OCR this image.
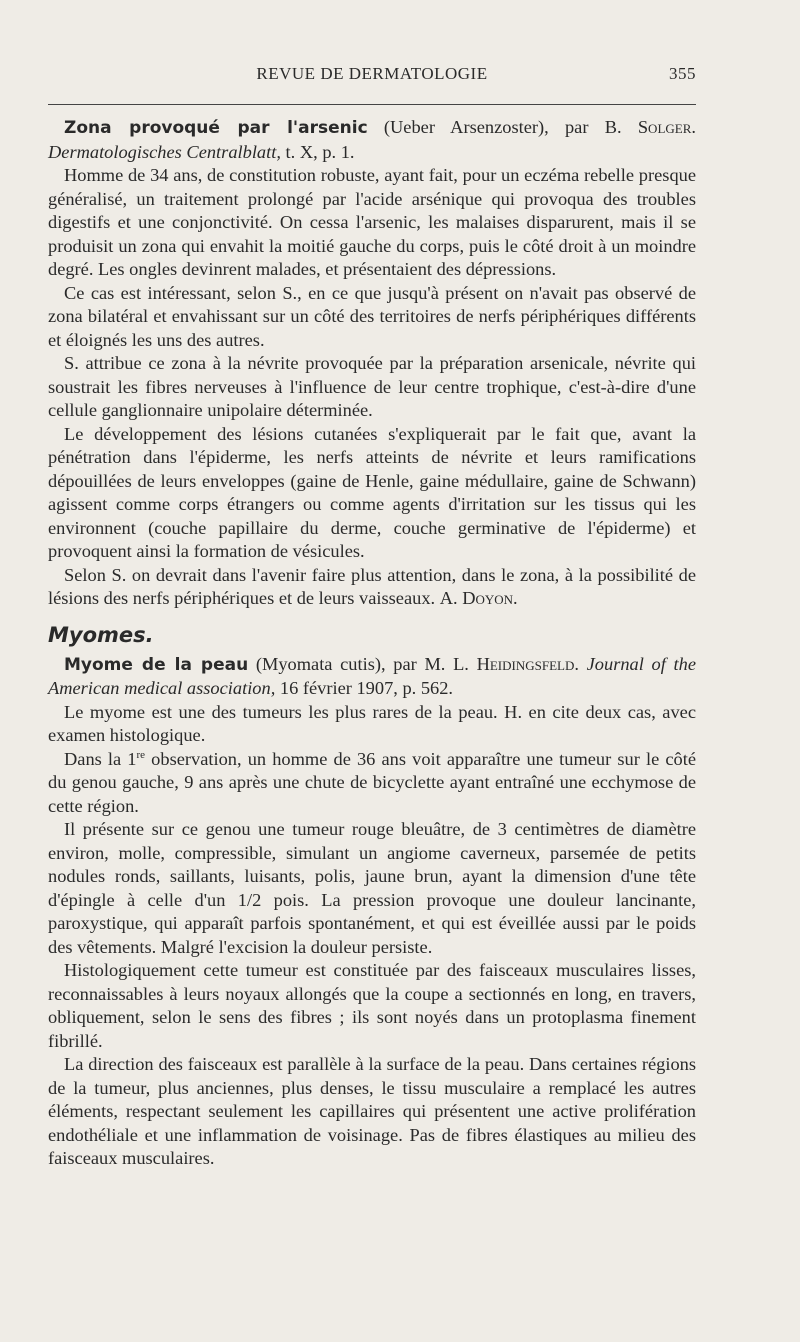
REVUE DE DERMATOLOGIE	355

Zona provoqué par l'arsenic (Ueber Arsenzoster), par B. Solger. Dermatologisches Centralblatt, t. X, p. 1.

Homme de 34 ans, de constitution robuste, ayant fait, pour un eczéma rebelle presque généralisé, un traitement prolongé par l'acide arsénique qui provoqua des troubles digestifs et une conjonctivité. On cessa l'arsenic, les malaises disparurent, mais il se produisit un zona qui envahit la moitié gauche du corps, puis le côté droit à un moindre degré. Les ongles devinrent malades, et présentaient des dépressions.

Ce cas est intéressant, selon S., en ce que jusqu'à présent on n'avait pas observé de zona bilatéral et envahissant sur un côté des territoires de nerfs périphériques différents et éloignés les uns des autres.

S. attribue ce zona à la névrite provoquée par la préparation arsenicale, névrite qui soustrait les fibres nerveuses à l'influence de leur centre trophique, c'est-à-dire d'une cellule ganglionnaire unipolaire déterminée.

Le développement des lésions cutanées s'expliquerait par le fait que, avant la pénétration dans l'épiderme, les nerfs atteints de névrite et leurs ramifications dépouillées de leurs enveloppes (gaine de Henle, gaine médullaire, gaine de Schwann) agissent comme corps étrangers ou comme agents d'irritation sur les tissus qui les environnent (couche papillaire du derme, couche germinative de l'épiderme) et provoquent ainsi la formation de vésicules.

Selon S. on devrait dans l'avenir faire plus attention, dans le zona, à la possibilité de lésions des nerfs périphériques et de leurs vaisseaux. A. Doyon.

Myomes.

Myome de la peau (Myomata cutis), par M. L. Heidingsfeld. Journal of the American medical association, 16 février 1907, p. 562.

Le myome est une des tumeurs les plus rares de la peau. H. en cite deux cas, avec examen histologique.

Dans la 1re observation, un homme de 36 ans voit apparaître une tumeur sur le côté du genou gauche, 9 ans après une chute de bicyclette ayant entraîné une ecchymose de cette région.

Il présente sur ce genou une tumeur rouge bleuâtre, de 3 centimètres de diamètre environ, molle, compressible, simulant un angiome caverneux, parsemée de petits nodules ronds, saillants, luisants, polis, jaune brun, ayant la dimension d'une tête d'épingle à celle d'un 1/2 pois. La pression provoque une douleur lancinante, paroxystique, qui apparaît parfois spontanément, et qui est éveillée aussi par le poids des vêtements. Malgré l'excision la douleur persiste.

Histologiquement cette tumeur est constituée par des faisceaux musculaires lisses, reconnaissables à leurs noyaux allongés que la coupe a sectionnés en long, en travers, obliquement, selon le sens des fibres ; ils sont noyés dans un protoplasma finement fibrillé.

La direction des faisceaux est parallèle à la surface de la peau. Dans certaines régions de la tumeur, plus anciennes, plus denses, le tissu musculaire a remplacé les autres éléments, respectant seulement les capillaires qui présentent une active prolifération endothéliale et une inflammation de voisinage. Pas de fibres élastiques au milieu des faisceaux musculaires.
